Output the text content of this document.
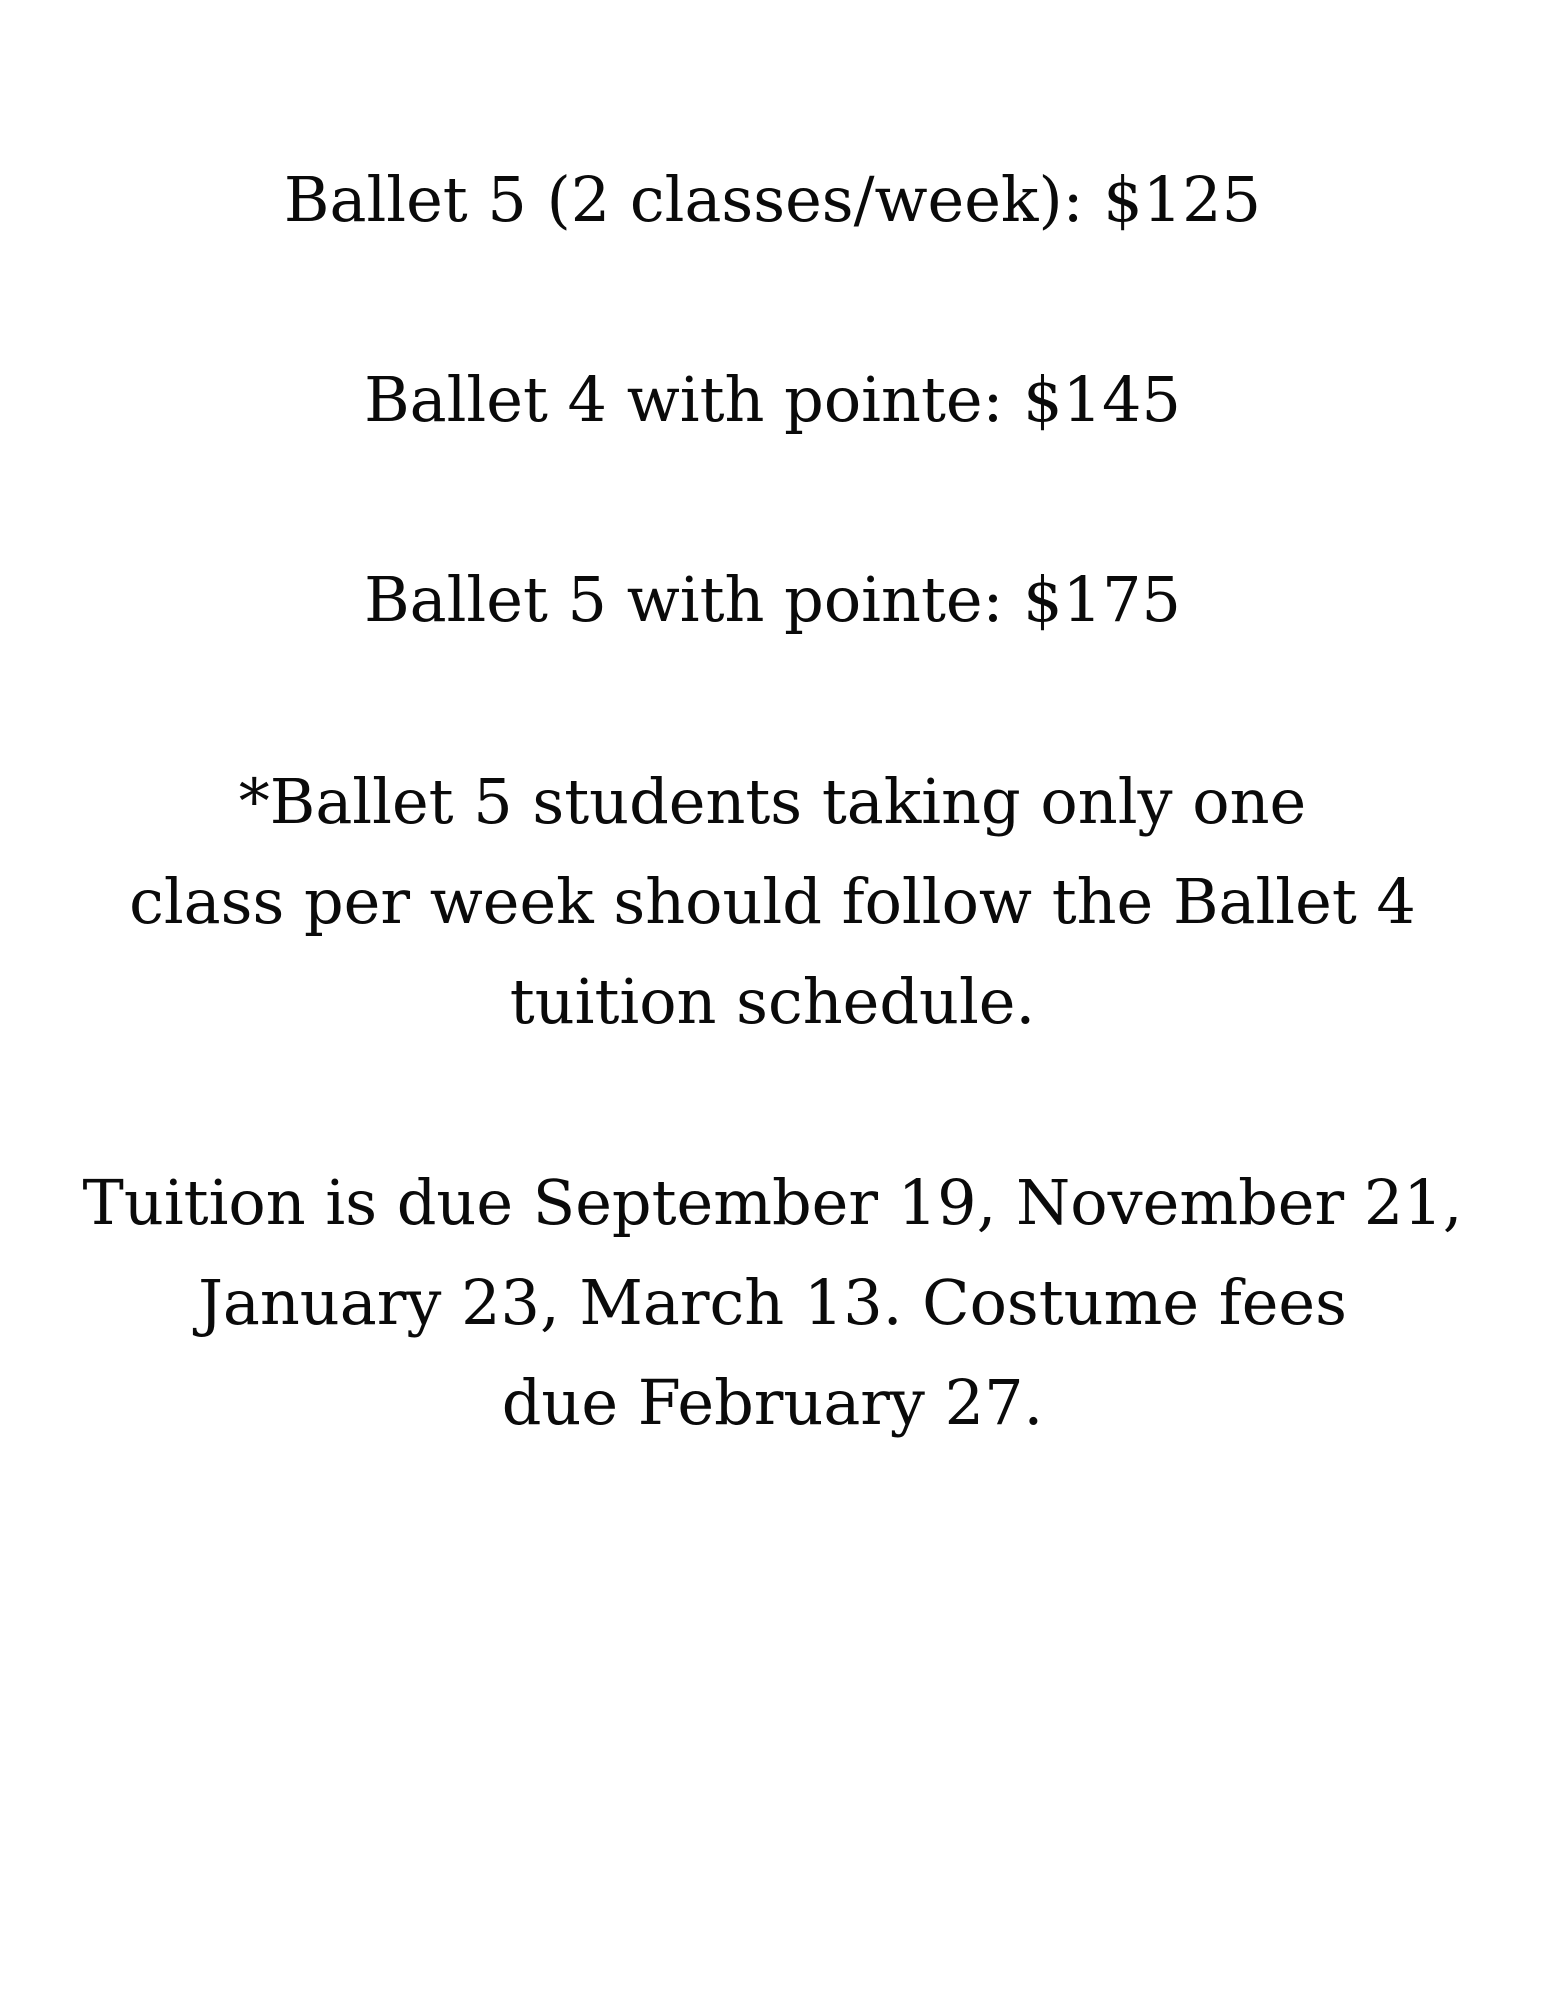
Ballet 5 (2 classes/week): $125
Ballet 4 with pointe: $145
Ballet 5 with pointe: $175
*Ballet 5 students taking only one
class per week should follow the Ballet 4
tuition schedule.
Tuition is due September 19, November 21,
January 23, March 13. Costume fees
due February 27.
